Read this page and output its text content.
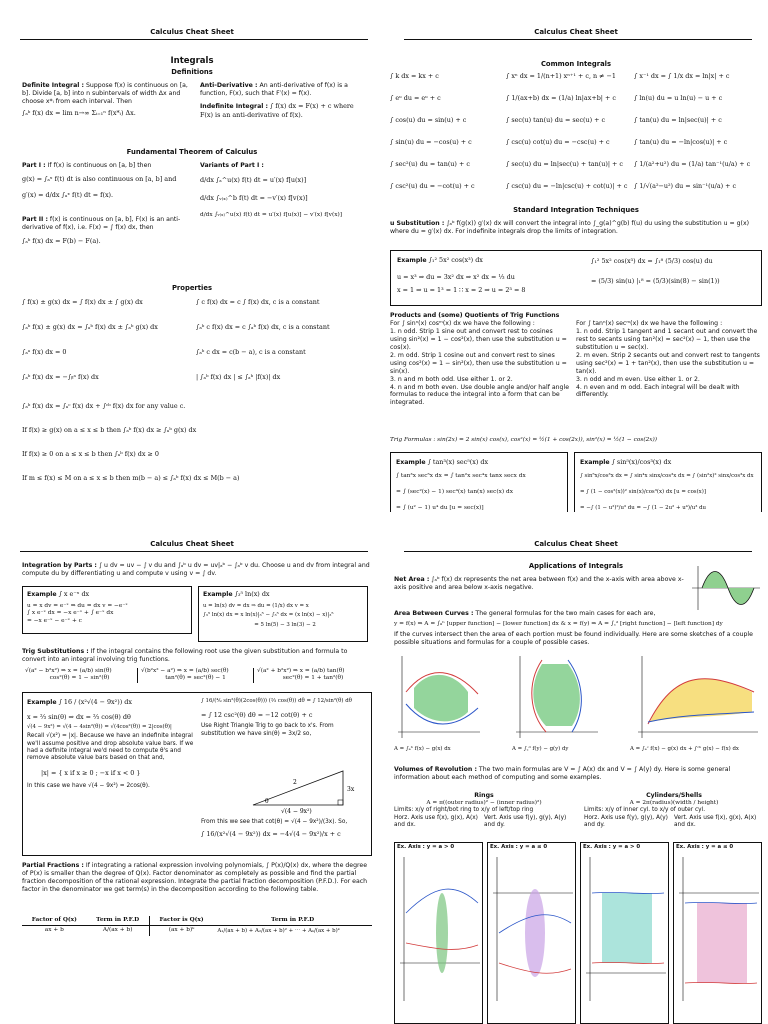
Calculus Cheat Sheet
Integrals
Definitions
Definite Integral : Suppose f(x) is continuous on [a, b]. Divide [a, b] into n subintervals of width Δx and choose x*ᵢ from each interval. Then
∫ₐᵇ f(x) dx = lim n→∞ Σᵢ₌₁ⁿ f(x*ᵢ) Δx.
Anti-Derivative : An anti-derivative of f(x) is a function, F(x), such that F′(x) = f(x).
Indefinite Integral : ∫ f(x) dx = F(x) + c where F(x) is an anti-derivative of f(x).
Fundamental Theorem of Calculus
Part I : If f(x) is continuous on [a, b] then
g(x) = ∫ₐˣ f(t) dt is also continuous on [a, b] and
g′(x) = d/dx ∫ₐˣ f(t) dt = f(x).
Part II : f(x) is continuous on [a, b], F(x) is an anti-derivative of f(x), i.e. F(x) = ∫ f(x) dx, then
∫ₐᵇ f(x) dx = F(b) − F(a).
Variants of Part I :
d/dx ∫ₐ^u(x) f(t) dt = u′(x) f[u(x)]
d/dx ∫ᵥ₍ₓ₎^b f(t) dt = −v′(x) f[v(x)]
d/dx ∫ᵥ₍ₓ₎^u(x) f(t) dt = u′(x) f[u(x)] − v′(x) f[v(x)]
Properties
∫ f(x) ± g(x) dx = ∫ f(x) dx ± ∫ g(x) dx
∫ₐᵇ f(x) ± g(x) dx = ∫ₐᵇ f(x) dx ± ∫ₐᵇ g(x) dx
∫ₐᵃ f(x) dx = 0
∫ₐᵇ f(x) dx = −∫ᵦᵃ f(x) dx
∫ c f(x) dx = c ∫ f(x) dx, c is a constant
∫ₐᵇ c f(x) dx = c ∫ₐᵇ f(x) dx, c is a constant
∫ₐᵇ c dx = c(b − a), c is a constant
| ∫ₐᵇ f(x) dx | ≤ ∫ₐᵇ |f(x)| dx
∫ₐᵇ f(x) dx = ∫ₐᶜ f(x) dx + ∫ᶜᵇ f(x) dx for any value c.
If f(x) ≥ g(x) on a ≤ x ≤ b then ∫ₐᵇ f(x) dx ≥ ∫ₐᵇ g(x) dx
If f(x) ≥ 0 on a ≤ x ≤ b then ∫ₐᵇ f(x) dx ≥ 0
If m ≤ f(x) ≤ M on a ≤ x ≤ b then m(b − a) ≤ ∫ₐᵇ f(x) dx ≤ M(b − a)
Calculus Cheat Sheet
Common Integrals
∫ k dx = kx + c	∫ xⁿ dx = 1/(n+1) xⁿ⁺¹ + c, n ≠ −1	∫ x⁻¹ dx = ∫ 1/x dx = ln|x| + c
∫ eᵘ du = eᵘ + c	∫ 1/(ax+b) dx = (1/a) ln|ax+b| + c	∫ ln(u) du = u ln(u) − u + c
∫ cos(u) du = sin(u) + c	∫ sec(u) tan(u) du = sec(u) + c	∫ tan(u) du = ln|sec(u)| + c
∫ sin(u) du = −cos(u) + c	∫ csc(u) cot(u) du = −csc(u) + c	∫ tan(u) du = −ln|cos(u)| + c
∫ sec²(u) du = tan(u) + c	∫ sec(u) du = ln|sec(u) + tan(u)| + c	∫ 1/(a²+u²) du = (1/a) tan⁻¹(u/a) + c
∫ csc²(u) du = −cot(u) + c	∫ csc(u) du = −ln|csc(u) + cot(u)| + c ∫ 1/√(a²−u²) du = sin⁻¹(u/a) + c
Standard Integration Techniques
u Substitution : ∫ₐᵇ f(g(x)) g′(x) dx will convert the integral into ∫_g(a)^g(b) f(u) du using the substitution u = g(x) where du = g′(x) dx. For indefinite integrals drop the limits of integration.
Example ∫₁² 5x² cos(x³) dx
u = x³ ⇒ du = 3x² dx ⇒ x² dx = ⅓ du
x = 1 ⇒ u = 1³ = 1 ∷ x = 2 ⇒ u = 2³ = 8
∫₁² 5x² cos(x³) dx = ∫₁⁸ (5/3) cos(u) du
= (5/3) sin(u) |₁⁸ = (5/3)(sin(8) − sin(1))
Products and (some) Quotients of Trig Functions
For ∫ sinⁿ(x) cosᵐ(x) dx we have the following :
1. n odd. Strip 1 sine out and convert rest to cosines using sin²(x) = 1 − cos²(x), then use the substitution u = cos(x).
2. m odd. Strip 1 cosine out and convert rest to sines using cos²(x) = 1 − sin²(x), then use the substitution u = sin(x).
3. n and m both odd. Use either 1. or 2.
4. n and m both even. Use double angle and/or half angle formulas to reduce the integral into a form that can be integrated.
For ∫ tanⁿ(x) secᵐ(x) dx we have the following :
1. n odd. Strip 1 tangent and 1 secant out and convert the rest to secants using tan²(x) = sec²(x) − 1, then use the substitution u = sec(x).
2. m even. Strip 2 secants out and convert rest to tangents using sec²(x) = 1 + tan²(x), then use the substitution u = tan(x).
3. n odd and m even. Use either 1. or 2.
4. n even and m odd. Each integral will be dealt with differently.
Trig Formulas : sin(2x) = 2 sin(x) cos(x), cos²(x) = ½(1 + cos(2x)), sin²(x) = ½(1 − cos(2x))
Example ∫ tan³(x) sec⁵(x) dx
∫ tan³x sec⁵x dx = ∫ tan²x sec⁴x tanx secx dx
= ∫ (sec²(x) − 1) sec⁴(x) tan(x) sec(x) dx
= ∫ (u² − 1) u⁴ du [u = sec(x)]
Example ∫ sin⁵(x)/cos³(x) dx
∫ sin⁵x/cos³x dx = ∫ sin⁴x sinx/cos³x dx = ∫ (sin²x)² sinx/cos³x dx
= ∫ (1 − cos²(x))² sin(x)/cos³(x) dx [u = cos(x)]
= −∫ (1 − u²)²/u³ du = −∫ (1 − 2u² + u⁴)/u³ du
Calculus Cheat Sheet
Integration by Parts : ∫ u dv = uv − ∫ v du and ∫ₐᵇ u dv = uv|ₐᵇ − ∫ₐᵇ v du. Choose u and dv from integral and compute du by differentiating u and compute v using v = ∫ dv.
Example ∫ x e⁻ˣ dx
u = x dv = e⁻ˣ ⇒ du = dx v = −e⁻ˣ
∫ x e⁻ˣ dx = −x e⁻ˣ + ∫ e⁻ˣ dx
= −x e⁻ˣ − e⁻ˣ + c
Example ∫₃⁵ ln(x) dx
u = ln(x) dv = dx ⇒ du = (1/x) dx v = x
∫₃⁵ ln(x) dx = x ln(x)|₃⁵ − ∫₃⁵ dx = (x ln(x) − x)|₃⁵
= 5 ln(5) − 3 ln(3) − 2
Trig Substitutions : If the integral contains the following root use the given substitution and formula to convert into an integral involving trig functions.
√(a² − b²x²) ⇒ x = (a/b) sin(θ)
cos²(θ) = 1 − sin²(θ)
√(b²x² − a²) ⇒ x = (a/b) sec(θ)
tan²(θ) = sec²(θ) − 1
√(a² + b²x²) ⇒ x = (a/b) tan(θ)
sec²(θ) = 1 + tan²(θ)
Example ∫ 16 / (x²√(4 − 9x²)) dx
x = ⅔ sin(θ) ⇒ dx = ⅔ cos(θ) dθ
√(4 − 9x²) = √(4 − 4sin²(θ)) = √(4cos²(θ)) = 2|cos(θ)|
Recall √(x²) = |x|. Because we have an indefinite integral we'll assume positive and drop absolute value bars. If we had a definite integral we'd need to compute θ's and remove absolute value bars based on that and,
|x| = { x if x ≥ 0 ; −x if x < 0 }
In this case we have √(4 − 9x²) = 2cos(θ).
∫ 16/(⁴⁄₉ sin²(θ)(2cos(θ))) (⅔ cos(θ)) dθ = ∫ 12/sin²(θ) dθ
= ∫ 12 csc²(θ) dθ = −12 cot(θ) + c
Use Right Triangle Trig to go back to x's. From substitution we have sin(θ) = 3x/2 so,
2
3x
√(4 − 9x²)
θ
From this we see that cot(θ) = √(4 − 9x²)/(3x). So,
∫ 16/(x²√(4 − 9x²)) dx = −4√(4 − 9x²)/x + c
Partial Fractions : If integrating a rational expression involving polynomials, ∫ P(x)/Q(x) dx, where the degree of P(x) is smaller than the degree of Q(x). Factor denominator as completely as possible and find the partial fraction decomposition of the rational expression. Integrate the partial fraction decomposition (P.F.D.). For each factor in the denominator we get term(s) in the decomposition according to the following table.
Factor of Q(x)	Term in P.F.D	Factor is Q(x)	Term in P.F.D
ax + b	A/(ax + b)	(ax + b)ᵏ	A₁/(ax + b) + A₂/(ax + b)² + ⋯ + Aₖ/(ax + b)ᵏ
Calculus Cheat Sheet
Applications of Integrals
Net Area : ∫ₐᵇ f(x) dx represents the net area between f(x) and the x-axis with area above x-axis positive and area below x-axis negative.
Area Between Curves : The general formulas for the two main cases for each are,
y = f(x) ⇒ A = ∫ₐᵇ [upper function] − [lower function] dx & x = f(y) ⇒ A = ∫꜀ᵈ [right function] − [left function] dy
If the curves intersect then the area of each portion must be found individually. Here are some sketches of a couple possible situations and formulas for a couple of possible cases.
A = ∫ₐᵇ f(x) − g(x) dx	A = ∫꜀ᵈ f(y) − g(y) dy	A = ∫ₐᶜ f(x) − g(x) dx + ∫ᶜᵇ g(x) − f(x) dx
Volumes of Revolution : The two main formulas are V = ∫ A(x) dx and V = ∫ A(y) dy. Here is some general information about each method of computing and some examples.
Rings
A = π((outer radius)² − (inner radius)²)
Limits: x/y of right/bot ring to x/y of left/top ring
Horz. Axis use f(x), g(x), A(x) and dx.
Vert. Axis use f(y), g(y), A(y) and dy.
Cylinders/Shells
A = 2π(radius)(width / height)
Limits: x/y of inner cyl. to x/y of outer cyl.
Horz. Axis use f(y), g(y), A(y) and dy.
Vert. Axis use f(x), g(x), A(x) and dx.
Ex. Axis : y = a > 0	Ex. Axis : y = a ≤ 0	Ex. Axis : y = a > 0	Ex. Axis : y = a ≤ 0
